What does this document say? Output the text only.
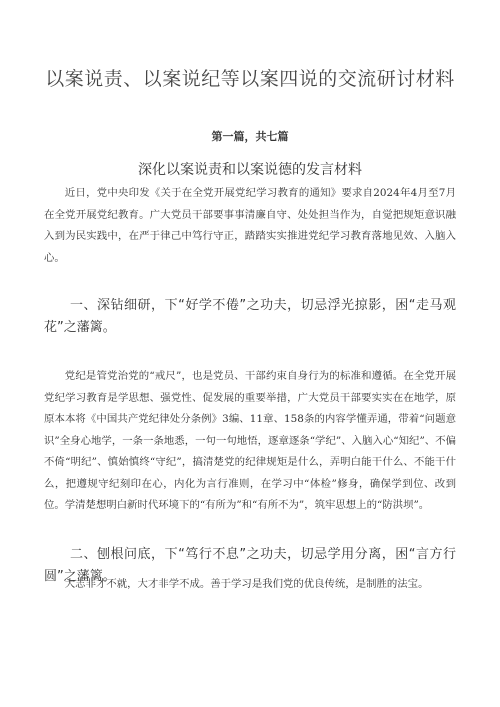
以案说责、以案说纪等以案四说的交流研讨材料
第一篇，共七篇
深化以案说责和以案说德的发言材料

近日，党中央印发《关于在全党开展党纪学习教育的通知》要求自2024年4月至7月在全党开展党纪教育。广大党员干部要事事清廉自守、处处担当作为，自觉把规矩意识融入到为民实践中，在严于律己中笃行守正，踏踏实实推进党纪学习教育落地见效、入脑入心。

一、深钻细研，下“好学不倦”之功夫，切忌浮光掠影，困“走马观花”之藩篱。

党纪是管党治党的“戒尺”，也是党员、干部约束自身行为的标准和遵循。在全党开展党纪学习教育是学思想、强党性、促发展的重要举措，广大党员干部要实实在在地学，原原本本将《中国共产党纪律处分条例》3编、11章、158条的内容学懂弄通，带着“问题意识”全身心地学，一条一条地悉，一句一句地悟，逐章逐条“学纪”、入脑入心“知纪”、不偏不倚“明纪”、慎始慎终“守纪”，搞清楚党的纪律规矩是什么，弄明白能干什么、不能干什么，把遵规守纪刻印在心，内化为言行准则，在学习中“体检”修身，确保学到位、改到位。学清楚想明白新时代环境下的“有所为”和“有所不为”，筑牢思想上的“防洪坝”。

二、刨根问底，下“笃行不息”之功夫，切忌学用分离，困“言方行圆”之藩篱。

大志非才不就，大才非学不成。善于学习是我们党的优良传统，是制胜的法宝。
